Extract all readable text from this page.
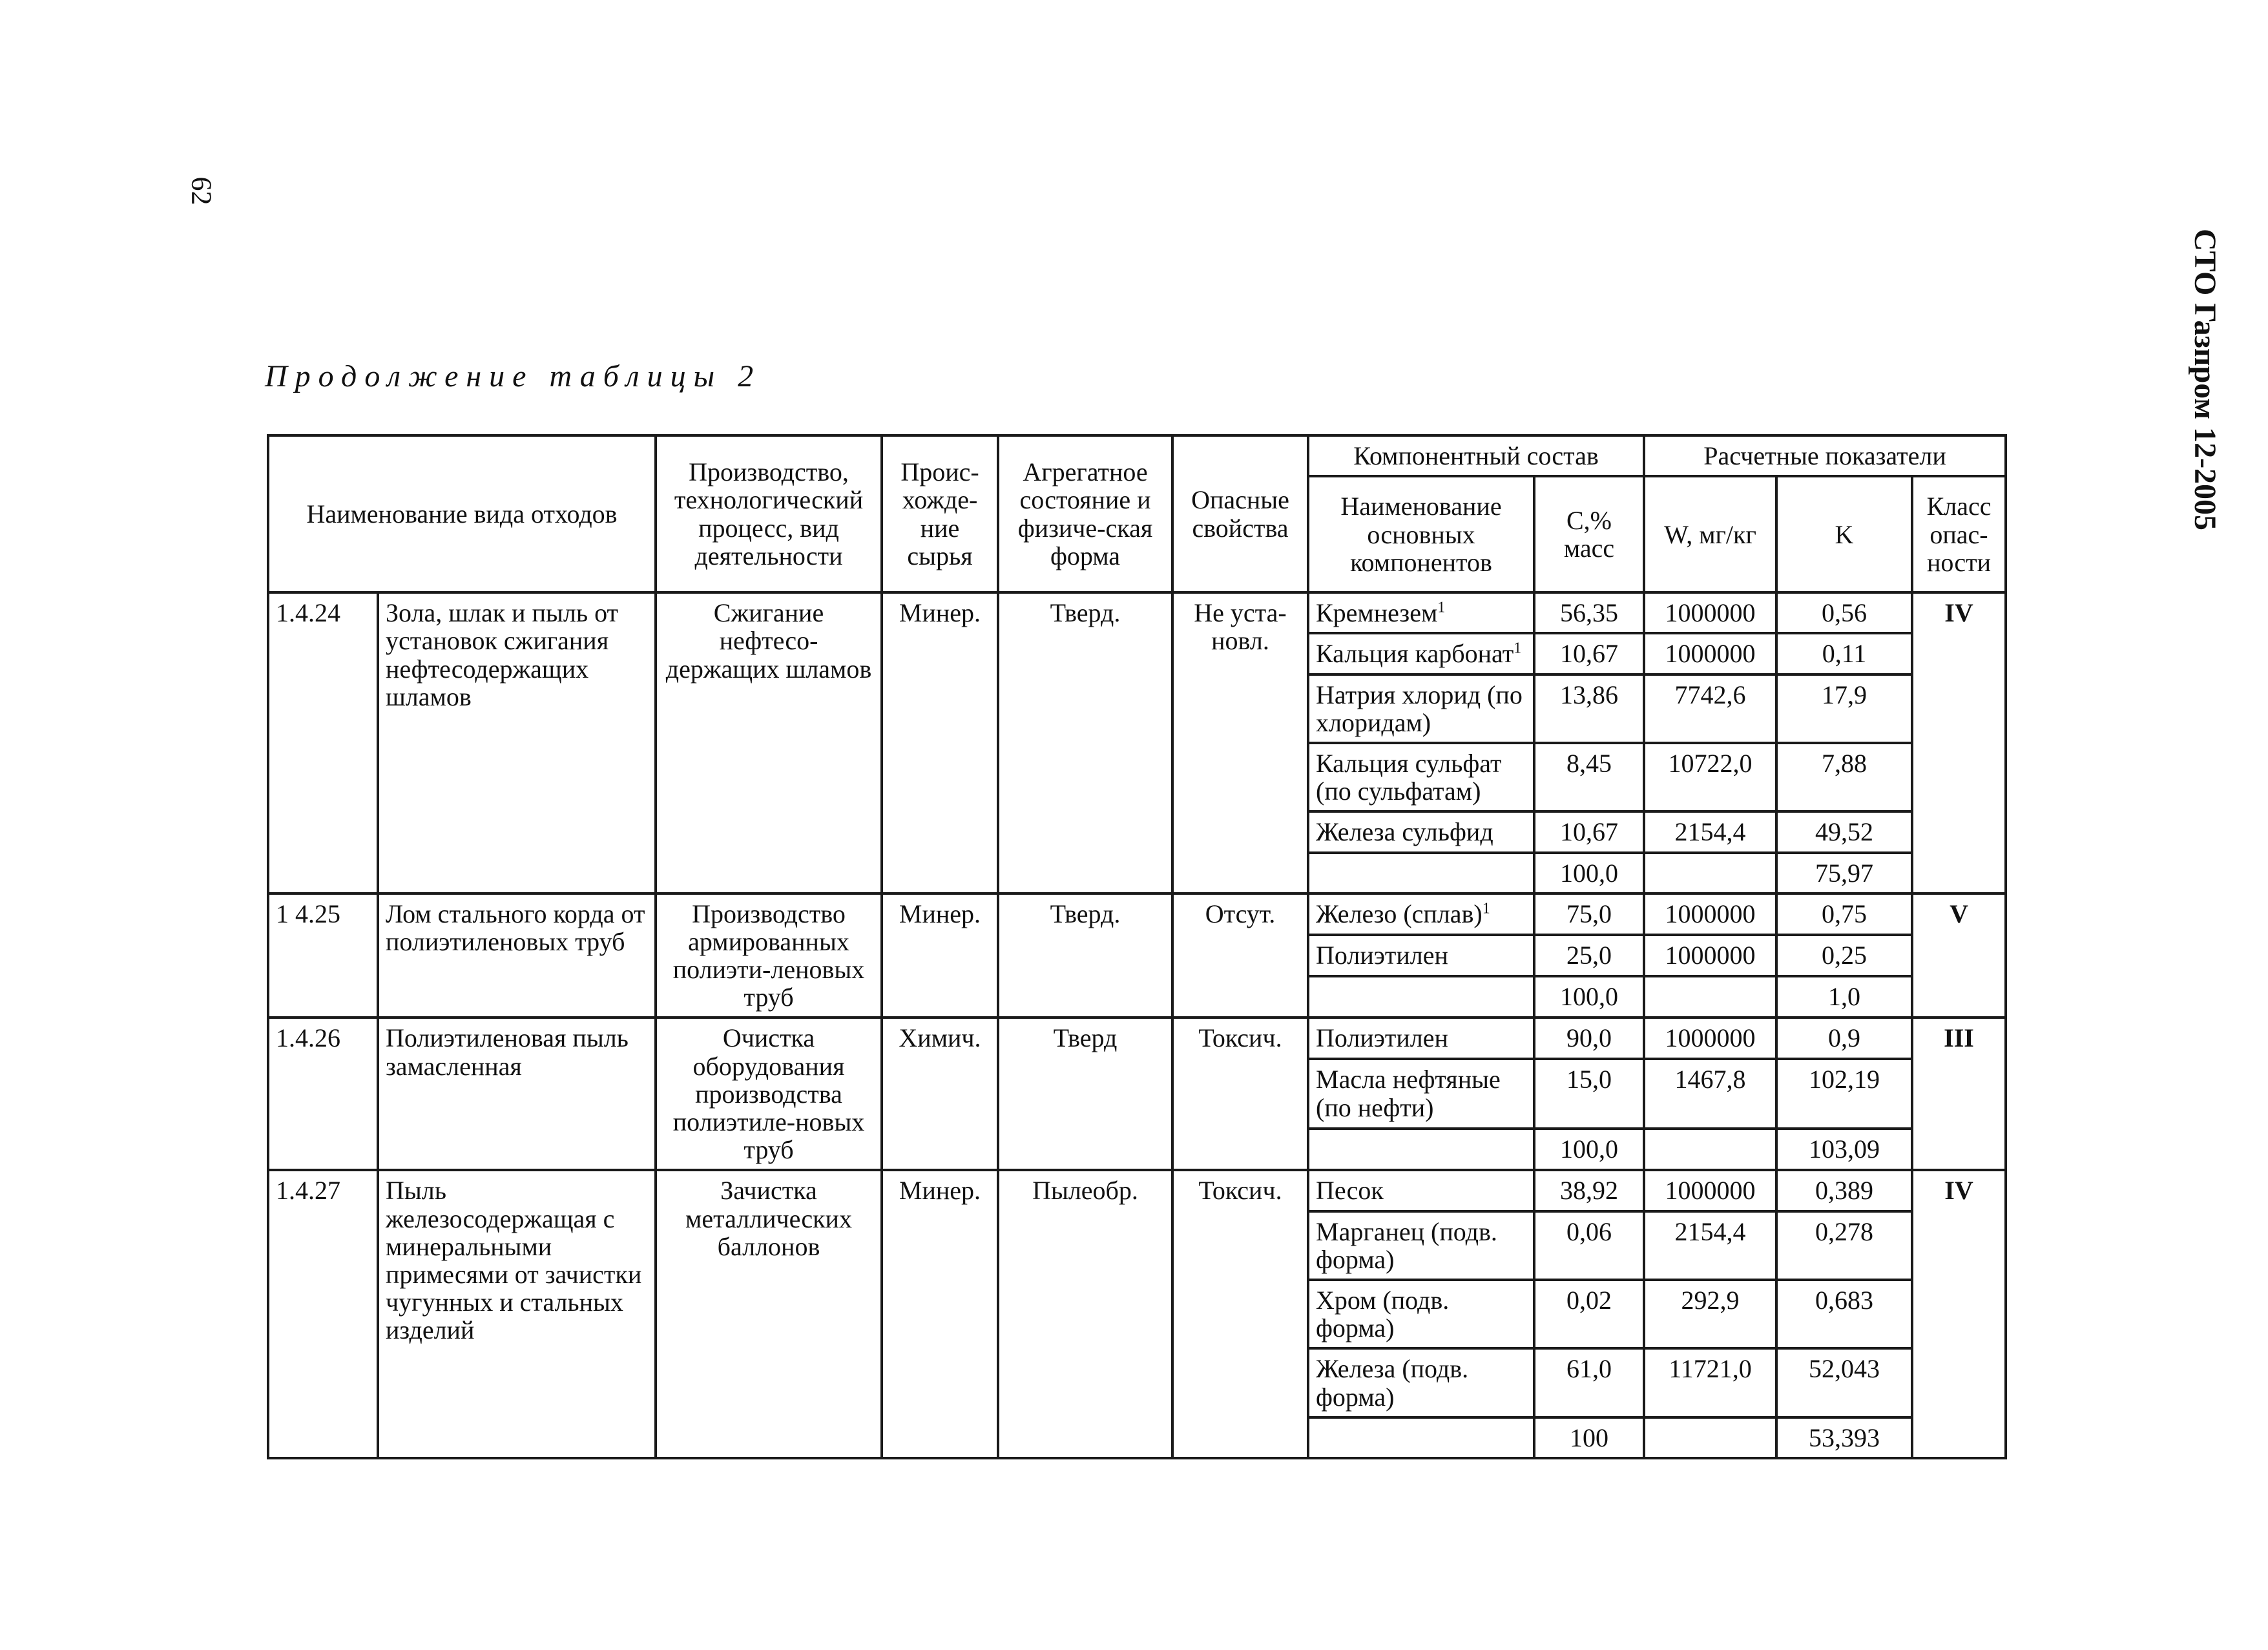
62
СТО Газпром 12-2005
Продолжение таблицы 2
Наименование вида отходов		Производство, технологический процесс, вид деятельности	Проис-хожде-ние сырья	Агрегатное состояние и физиче-ская форма	Опасные свойства	Компонентный состав		Расчетные показатели		
						Наименование основных компонентов	С,% масс	W, мг/кг	K	Класс опас-ности
1.4.24	Зола, шлак и пыль от установок сжигания нефтесодержащих шламов	Сжигание нефтесо-держащих шламов	Минер.	Тверд.	Не уста-новл.	Кремнезем$^1$	56,35	1000000	0,56	IV
						Кальция карбонат$^1$	10,67	1000000	0,11	
						Натрия хлорид (по хлоридам)	13,86	7742,6	17,9	
						Кальция сульфат (по сульфатам)	8,45	10722,0	7,88	
						Железа сульфид	10,67	2154,4	49,52	
							100,0		75,97	
1 4.25	Лом стального корда от полиэтиленовых труб	Производство армированных полиэти-леновых труб	Минер.	Тверд.	Отсут.	Железо (сплав)$^1$	75,0	1000000	0,75	V
						Полиэтилен	25,0	1000000	0,25	
							100,0		1,0	
1.4.26	Полиэтиленовая пыль замасленная	Очистка оборудования производства полиэтиле-новых труб	Химич.	Тверд	Токсич.	Полиэтилен	90,0	1000000	0,9	III
						Масла нефтяные (по нефти)	15,0	1467,8	102,19	
							100,0		103,09	
1.4.27	Пыль железосодержащая с минеральными примесями от зачистки чугунных и стальных изделий	Зачистка металлических баллонов	Минер.	Пылеобр.	Токсич.	Песок	38,92	1000000	0,389	IV
						Марганец (подв. форма)	0,06	2154,4	0,278	
						Хром (подв. форма)	0,02	292,9	0,683	
						Железа (подв. форма)	61,0	11721,0	52,043	
							100		53,393	
